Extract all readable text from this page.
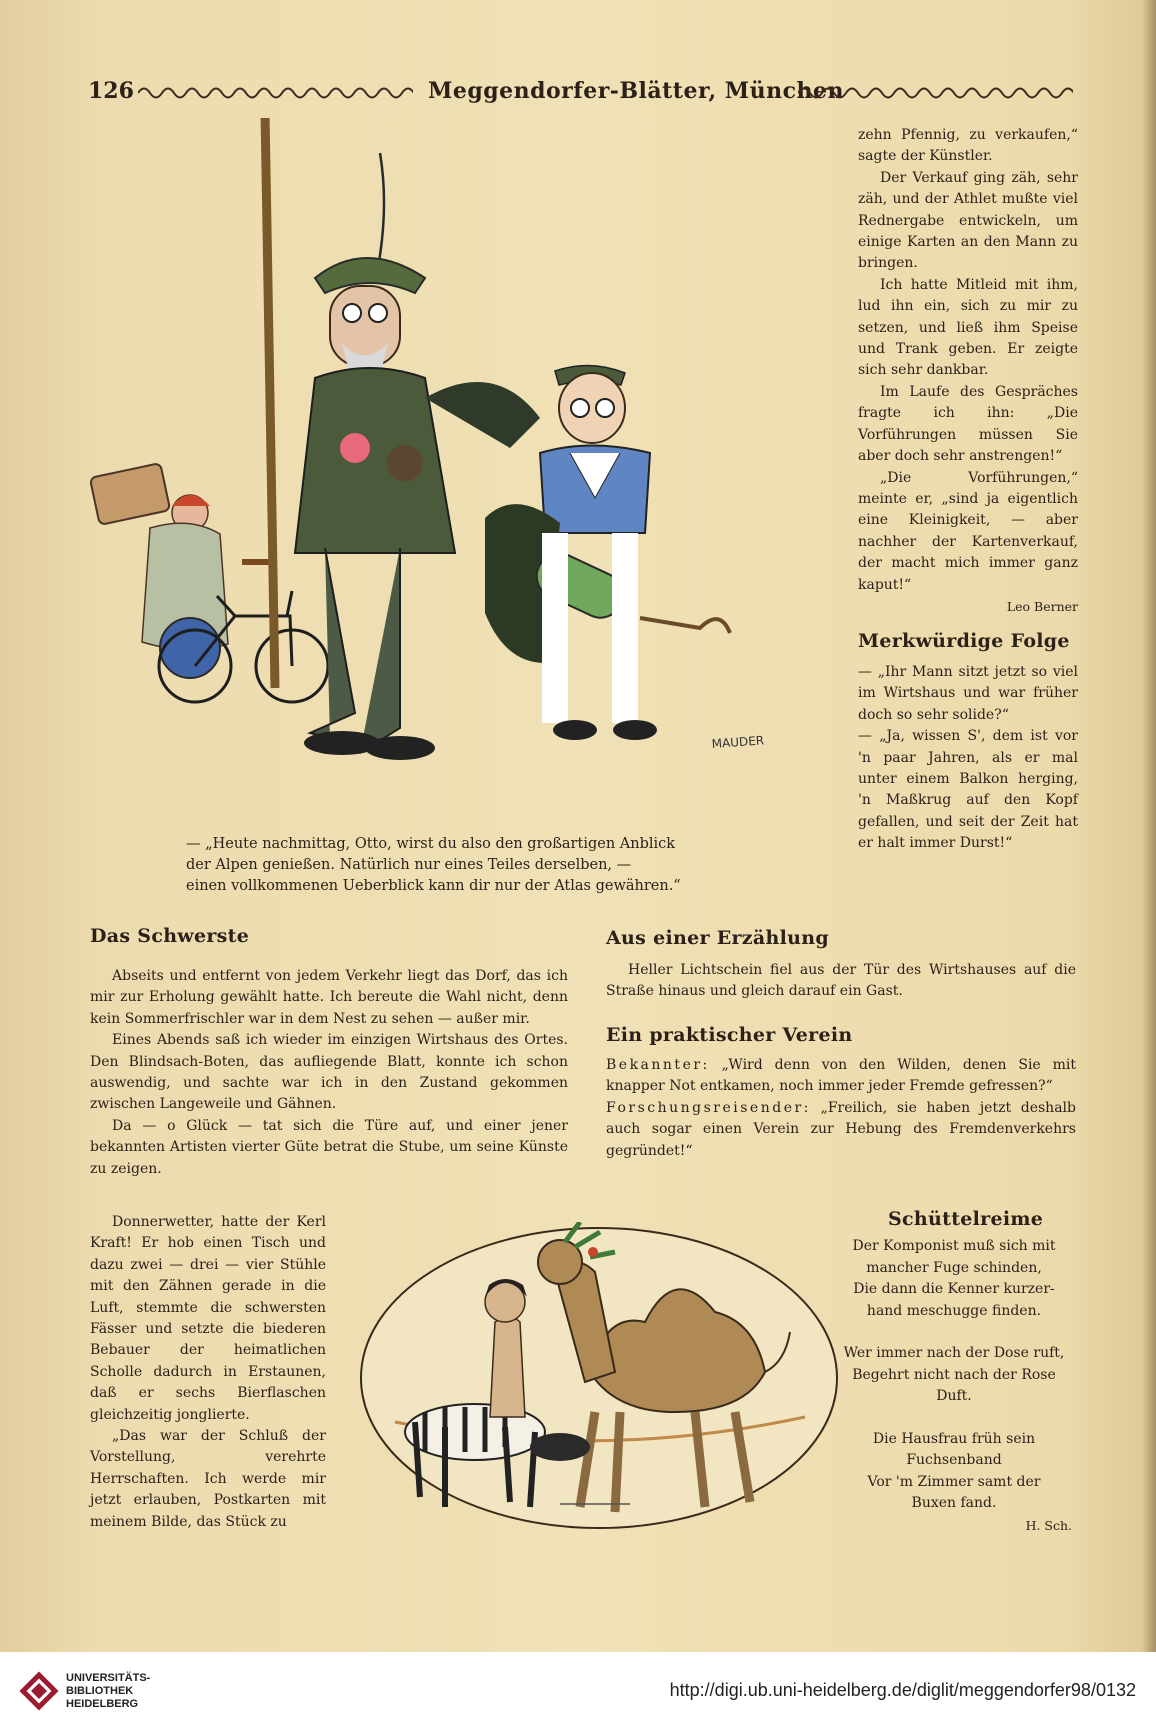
126	Meggendorfer-Blätter, München
MAUDER
— „Heute nachmittag, Otto, wirst du also den großartigen Anblick
der Alpen genießen. Natürlich nur eines Teiles derselben, —
einen vollkommenen Ueberblick kann dir nur der Atlas gewähren.“

zehn Pfennig, zu verkaufen,“ sagte der Künstler.

Der Verkauf ging zäh, sehr zäh, und der Athlet mußte viel Rednergabe entwickeln, um einige Karten an den Mann zu bringen.

Ich hatte Mitleid mit ihm, lud ihn ein, sich zu mir zu setzen, und ließ ihm Speise und Trank geben. Er zeigte sich sehr dankbar.

Im Laufe des Gespräches fragte ich ihn: „Die Vorführungen müssen Sie aber doch sehr anstrengen!“

„Die Vorführungen,“ meinte er, „sind ja eigentlich eine Kleinigkeit, — aber nachher der Kartenverkauf, der macht mich immer ganz kaput!“

Leo Berner
Merkwürdige Folge

— „Ihr Mann sitzt jetzt so viel im Wirtshaus und war früher doch so sehr solide?“

— „Ja, wissen S', dem ist vor 'n paar Jahren, als er mal unter einem Balkon herging, 'n Maßkrug auf den Kopf gefallen, und seit der Zeit hat er halt immer Durst!“

Das Schwerste

Abseits und entfernt von jedem Verkehr liegt das Dorf, das ich mir zur Erholung gewählt hatte. Ich bereute die Wahl nicht, denn kein Sommerfrischler war in dem Nest zu sehen — außer mir.

Eines Abends saß ich wieder im einzigen Wirtshaus des Ortes. Den Blindsach-Boten, das aufliegende Blatt, konnte ich schon auswendig, und sachte war ich in den Zustand gekommen zwischen Langeweile und Gähnen.

Da — o Glück — tat sich die Türe auf, und einer jener bekannten Artisten vierter Güte betrat die Stube, um seine Künste zu zeigen.

Donnerwetter, hatte der Kerl Kraft! Er hob einen Tisch und dazu zwei — drei — vier Stühle mit den Zähnen gerade in die Luft, stemmte die schwersten Fässer und setzte die biederen Bebauer der heimatlichen Scholle dadurch in Erstaunen, daß er sechs Bierflaschen gleichzeitig jonglierte.

„Das war der Schluß der Vorstellung, verehrte Herrschaften. Ich werde mir jetzt erlauben, Postkarten mit meinem Bilde, das Stück zu

Aus einer Erzählung

Heller Lichtschein fiel aus der Tür des Wirtshauses auf die Straße hinaus und gleich darauf ein Gast.

Ein praktischer Verein

Bekannter: „Wird denn von den Wilden, denen Sie mit knapper Not entkamen, noch immer jeder Fremde gefressen?“

Forschungsreisender: „Freilich, sie haben jetzt deshalb auch sogar einen Verein zur Hebung des Fremdenverkehrs gegründet!“

Schüttelreime
Der Komponist muß sich mit
mancher Fuge schinden,
Die dann die Kenner kurzer-
hand meschugge finden.
Wer immer nach der Dose ruft,
Begehrt nicht nach der Rose
Duft.
Die Hausfrau früh sein
Fuchsenband
Vor 'm Zimmer samt der
Buxen fand.
H. Sch.
UNIVERSITÄTS-
BIBLIOTHEK
HEIDELBERG
http://digi.ub.uni-heidelberg.de/diglit/meggendorfer98/0132
